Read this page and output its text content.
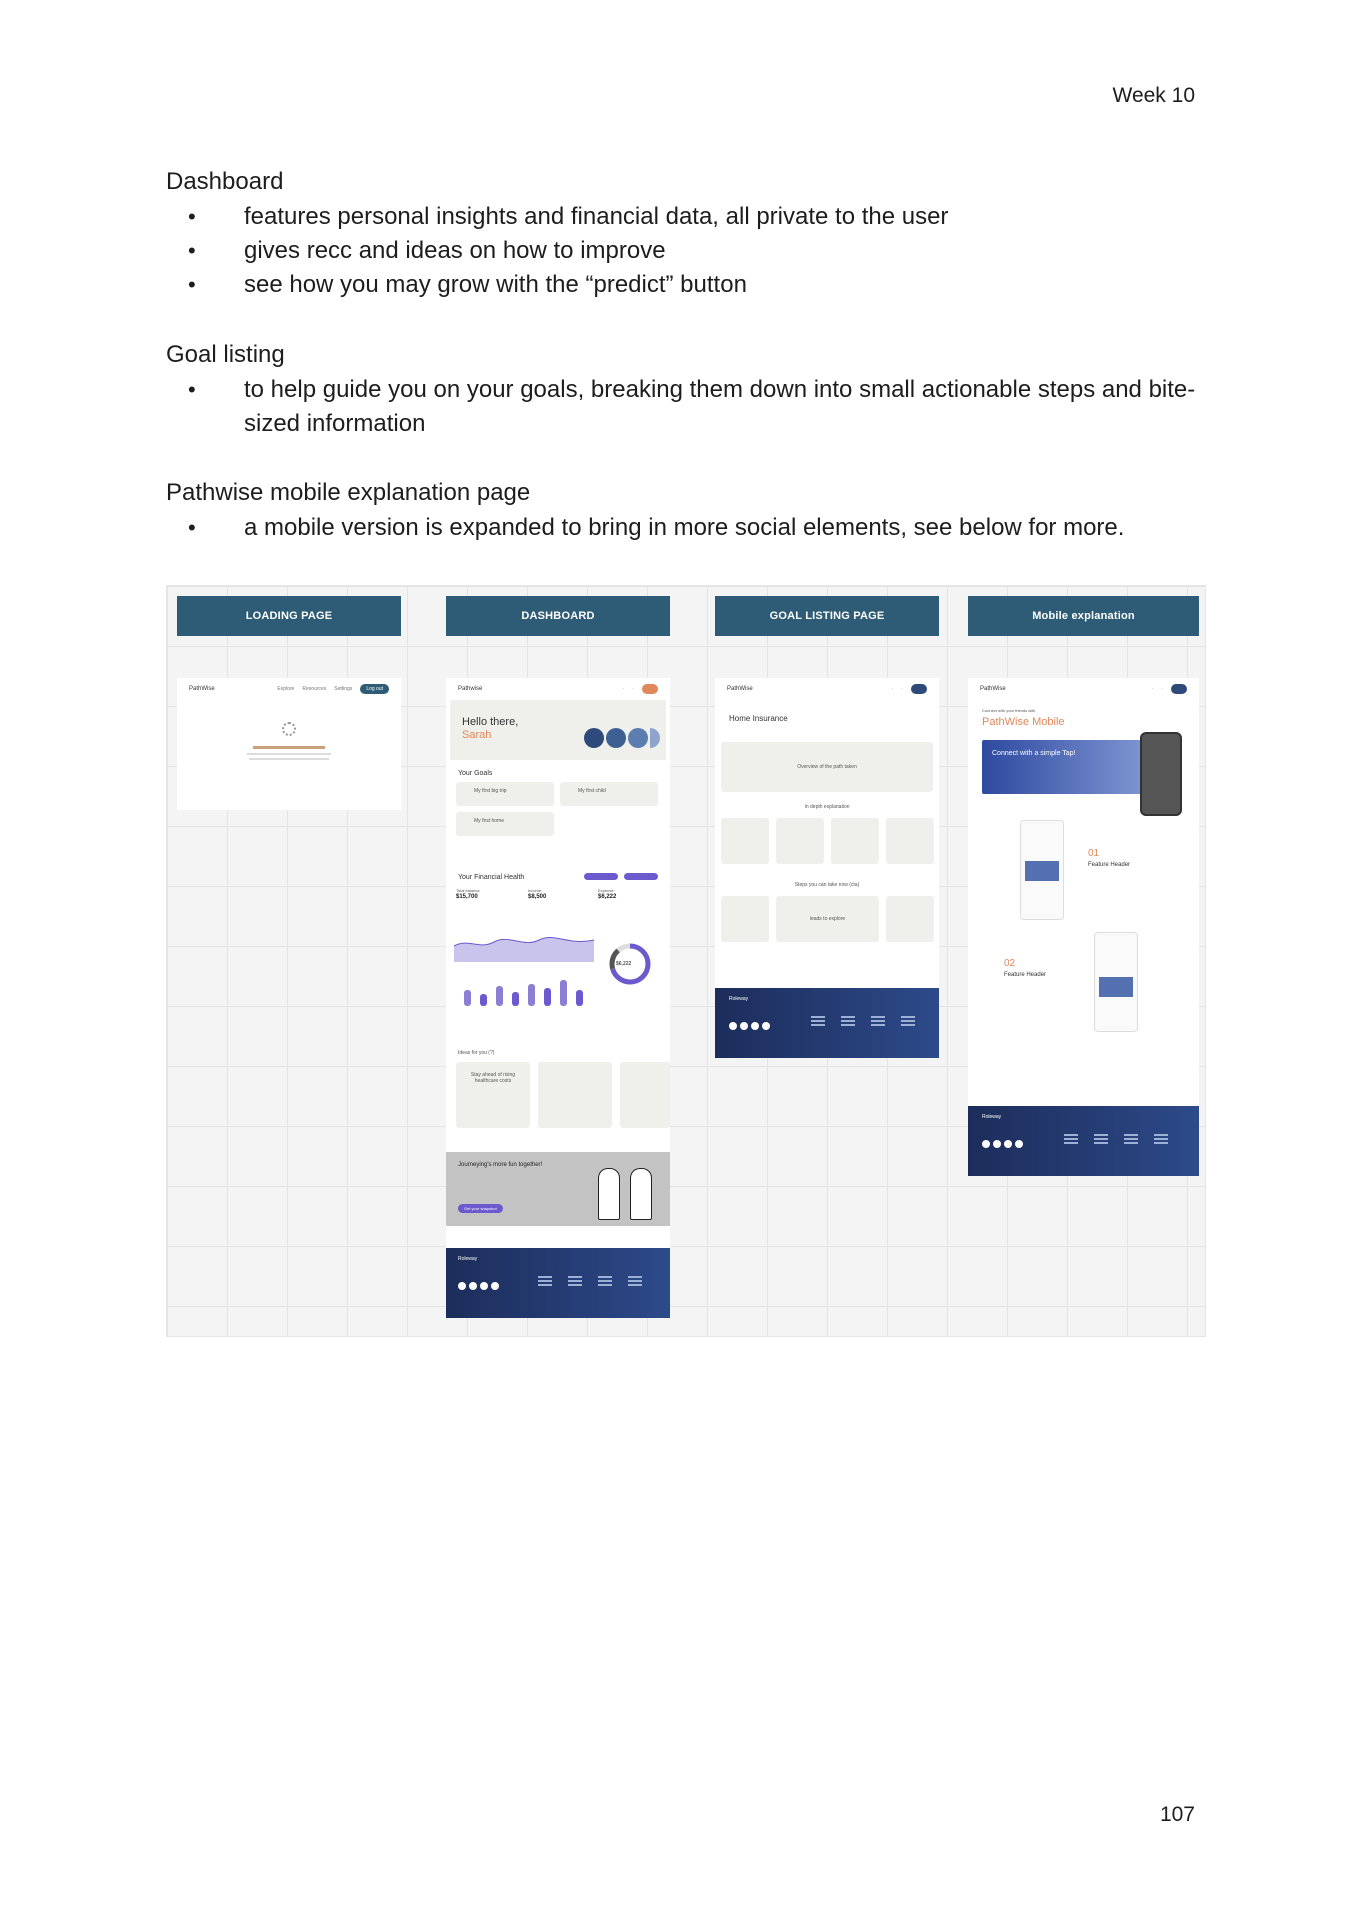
Week 10
Dashboard
• features personal insights and financial data, all private to the user
• gives recc and ideas on how to improve
• see how you may grow with the “predict” button
Goal listing
• to help guide you on your goals, breaking them down into small actionable steps and bite-sized information
Pathwise mobile explanation page
• a mobile version is expanded to bring in more social elements, see below for more.
LOADING PAGE	DASHBOARD	GOAL LISTING PAGE	Mobile explanation
PathWise	Explore Resources Settings	Log out	Pathwise	· ·

Hello there,
Sarah
Your Goals
My first big trip	My first child
My first home
Your Financial Health
Total balance
$15,700
Income
$8,500
Expense
$6,222
$6,222
Ideas for you (?)
Stay ahead of rising healthcare costs
Journeying's more fun together!
Get your snapshot
Roleway
PathWise	· ·

Home Insurance
Overview of the path taken
In depth explanation
Steps you can take now (cta)
leads to explore
Roleway
PathWise	· ·

Connect with your friends with
PathWise Mobile
Connect with a simple Tap!
01
Feature Header
02
Feature Header
Roleway
107
